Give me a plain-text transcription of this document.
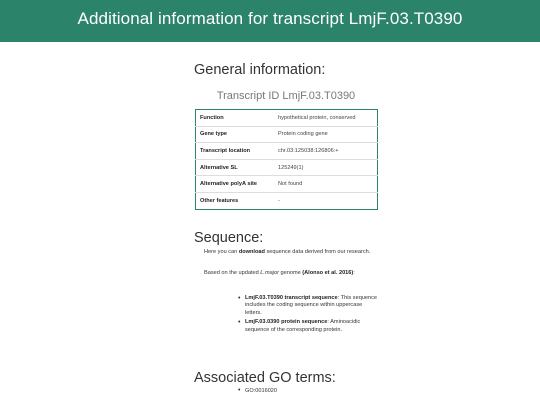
Additional information for transcript LmjF.03.T0390
General information:
Transcript ID LmjF.03.T0390
Function	hypothetical protein, conserved
Gene type	Protein coding gene
Transcript location	chr.03:125038:126806:+
Alternative SL	125249(1)
Alternative polyA site	Not found
Other features	-
Sequence:

Here you can download sequence data derived from our research.

Based on the updated L.major genome (Alonso et al. 2016):

• LmjF.03.T0390 transcript sequence: This sequence includes the coding sequence within uppercase letters.
• LmjF.03.0390 protein sequence: Aminoacidic sequence of the corresponding protein.
Associated GO terms:
• GO:0016020
